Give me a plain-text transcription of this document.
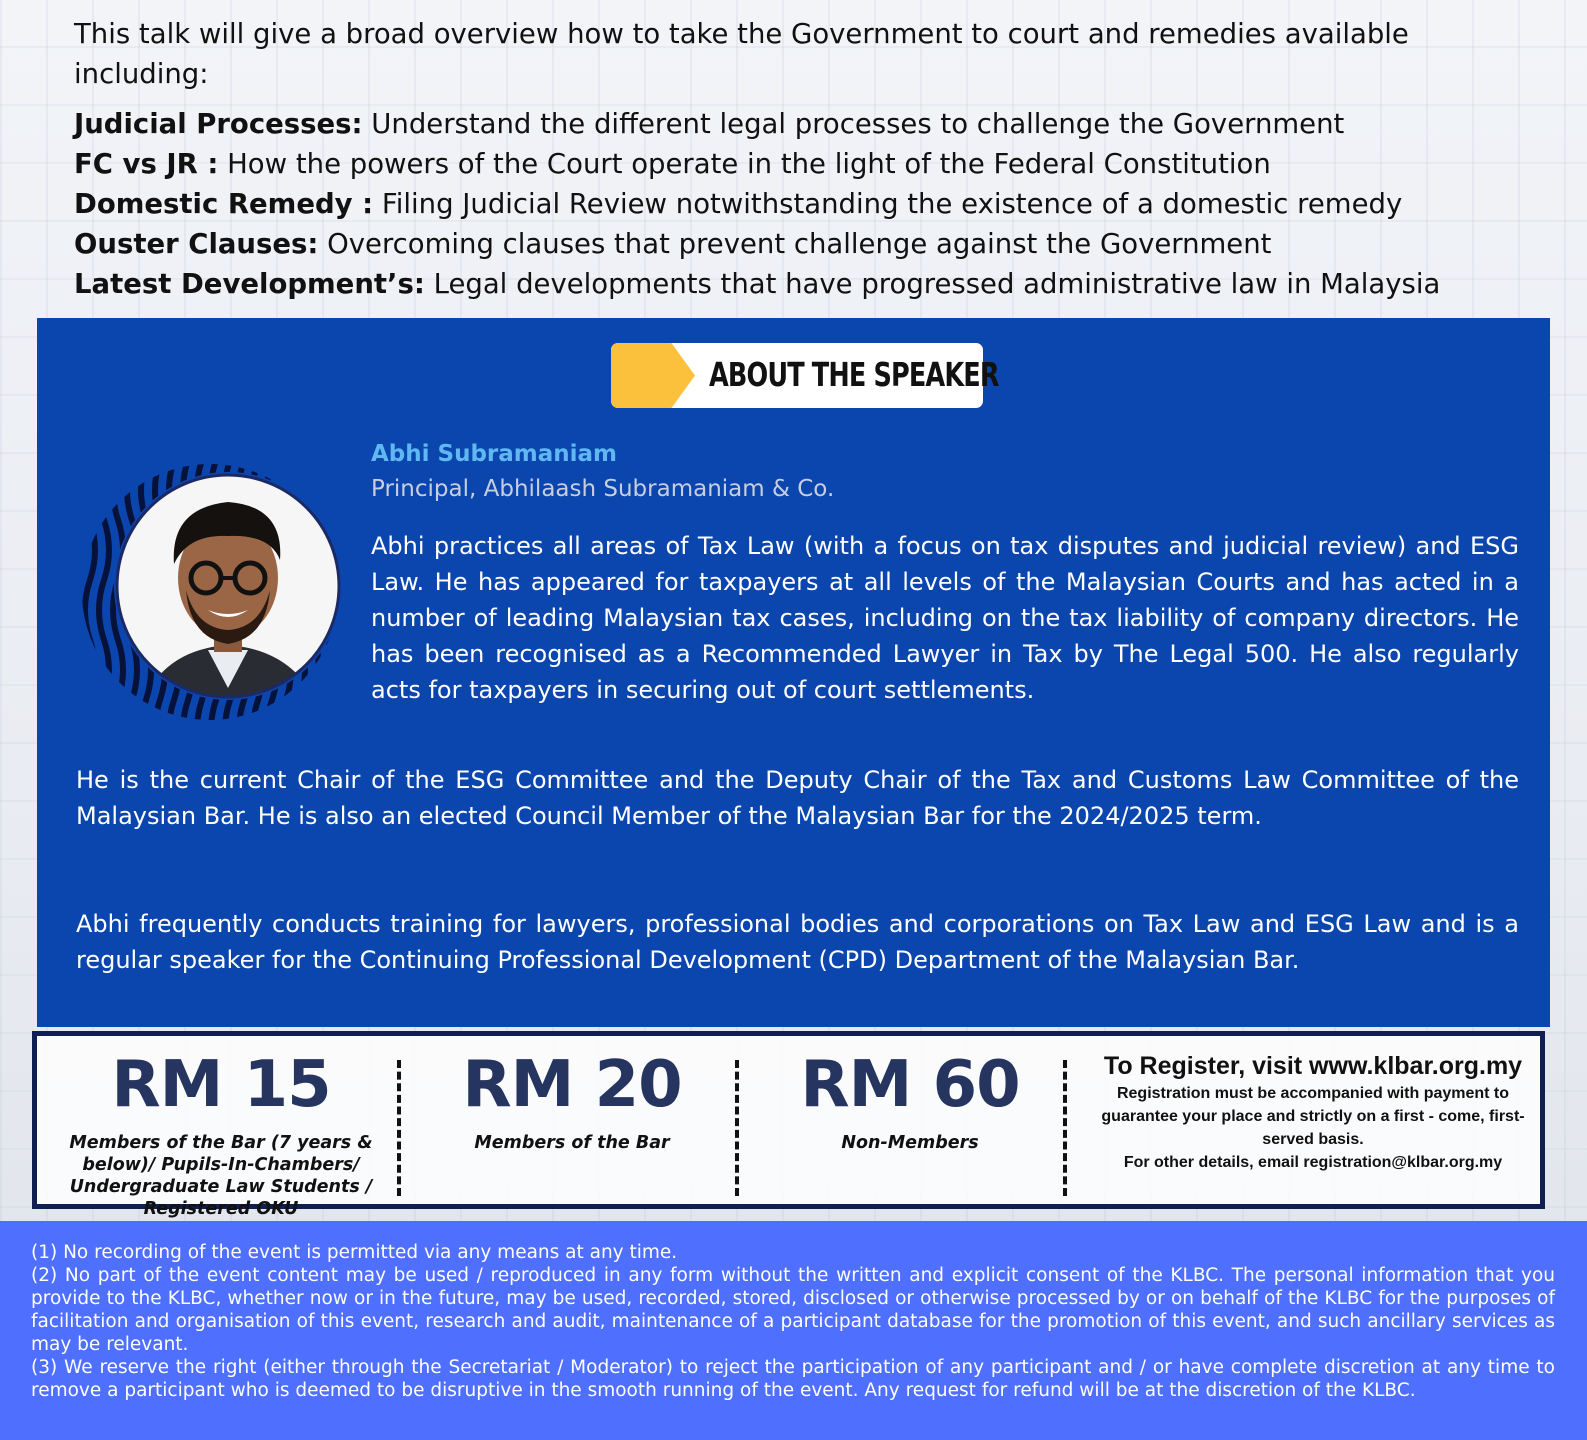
This talk will give a broad overview how to take the Government to court and remedies available including:

Judicial Processes: Understand the different legal processes to challenge the Government
FC vs JR : How the powers of the Court operate in the light of the Federal Constitution
Domestic Remedy : Filing Judicial Review notwithstanding the existence of a domestic remedy
Ouster Clauses: Overcoming clauses that prevent challenge against the Government
Latest Development’s: Legal developments that have progressed administrative law in Malaysia
ABOUT THE SPEAKER
Abhi Subramaniam
Principal, Abhilaash Subramaniam & Co.

Abhi practices all areas of Tax Law (with a focus on tax disputes and judicial review) and ESG Law. He has appeared for taxpayers at all levels of the Malaysian Courts and has acted in a number of leading Malaysian tax cases, including on the tax liability of company directors. He has been recognised as a Recommended Lawyer in Tax by The Legal 500. He also regularly acts for taxpayers in securing out of court settlements.

He is the current Chair of the ESG Committee and the Deputy Chair of the Tax and Customs Law Committee of the Malaysian Bar. He is also an elected Council Member of the Malaysian Bar for the 2024/2025 term.

Abhi frequently conducts training for lawyers, professional bodies and corporations on Tax Law and ESG Law and is a regular speaker for the Continuing Professional Development (CPD) Department of the Malaysian Bar.

RM 15
Members of the Bar (7 years & below)/ Pupils-In-Chambers/ Undergraduate Law Students / Registered OKU
RM 20
Members of the Bar
RM 60
Non-Members
To Register, visit www.klbar.org.my
Registration must be accompanied with payment to guarantee your place and strictly on a first - come, first-served basis.
For other details, email registration@klbar.org.my

(1) No recording of the event is permitted via any means at any time.
(2) No part of the event content may be used / reproduced in any form without the written and explicit consent of the KLBC. The personal information that you provide to the KLBC, whether now or in the future, may be used, recorded, stored, disclosed or otherwise processed by or on behalf of the KLBC for the purposes of facilitation and organisation of this event, research and audit, maintenance of a participant database for the promotion of this event, and such ancillary services as may be relevant.
(3) We reserve the right (either through the Secretariat / Moderator) to reject the participation of any participant and / or have complete discretion at any time to remove a participant who is deemed to be disruptive in the smooth running of the event. Any request for refund will be at the discretion of the KLBC.
